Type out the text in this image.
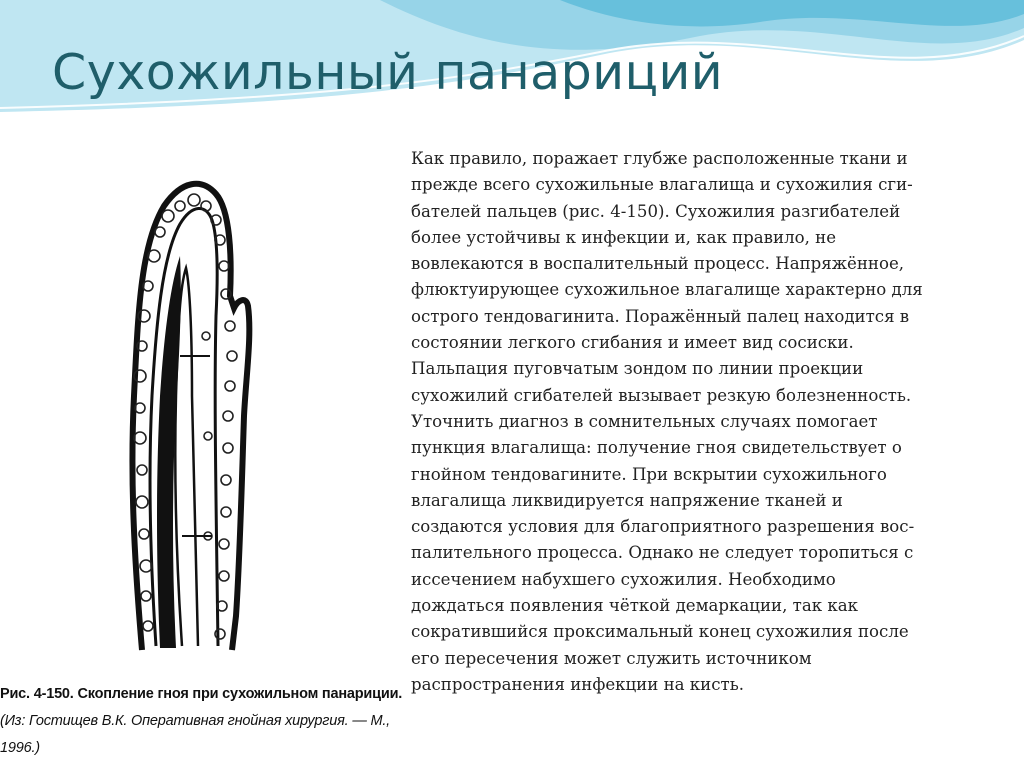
Сухожильный панариций
Рис. 4-150. Скопление гноя при сухожильном панариции.
(Из: Гостищев В.К. Оперативная гнойная хирургия. — М.,
1996.)
Как правило, поражает глубже расположенные ткани и
прежде всего сухожильные влагалища и сухожилия сги-
бателей пальцев (рис. 4-150). Сухожилия разгибателей
более устойчивы к инфекции и, как правило, не
вовлекаются в воспалительный процесс. Напряжённое,
флюктуирующее сухожильное влагалище характерно для
острого тендовагинита. Поражённый палец находится в
состоянии легкого сгибания и имеет вид сосиски.
Пальпация пуговчатым зондом по линии проекции
сухожилий сгибателей вызывает резкую болезненность.
Уточнить диагноз в сомнительных случаях помогает
пункция влагалища: получение гноя свидетельствует о
гнойном тендовагините. При вскрытии сухожильного
влагалища ликвидируется напряжение тканей и
создаются условия для благоприятного разрешения вос-
палительного процесса. Однако не следует торопиться с
иссечением набухшего сухожилия. Необходимо
дождаться появления чёткой демаркации, так как
сократившийся проксимальный конец сухожилия после
его пересечения может служить источником
распространения инфекции на кисть.
